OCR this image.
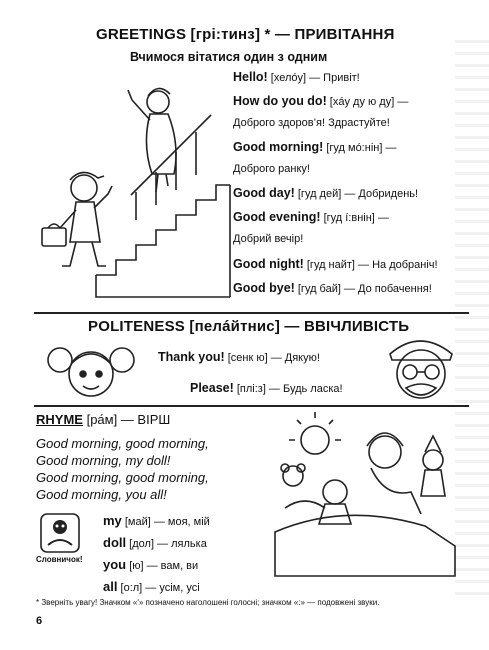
GREETINGS [грі:тинз] * — ПРИВІТАННЯ
Вчимося вітатися один з одним
Hello! [хелóу] — Привіт!
How do you do! [хáу ду ю ду] —
Доброго здоров’я! Здрастуйте!
Good morning! [гуд мó:нін] —
Доброго ранку!
Good day! [гуд дей] — Добридень!
Good evening! [гуд í:внін] —
Добрий вечір!
Good night! [гуд найт] — На добраніч!
Good bye! [гуд бай] — До побачення!
POLITENESS [пелáйтнис] — ВВІЧЛИВІСТЬ
Thank you! [сенк ю] — Дякую!
Please! [плі:з] — Будь ласка!
RHYME [ра́м] — ВІРШ
Good morning, good morning,
Good morning, my doll!
Good morning, good morning,
Good morning, you all!
Словничок!
my [май] — моя, мій
doll [дол] — лялька
you [ю] — вам, ви
all [о:л] — усім, усі
* Зверніть увагу! Значком «ʹ» позначено наголошені голосні; значком «:» — подовжені звуки.
6
